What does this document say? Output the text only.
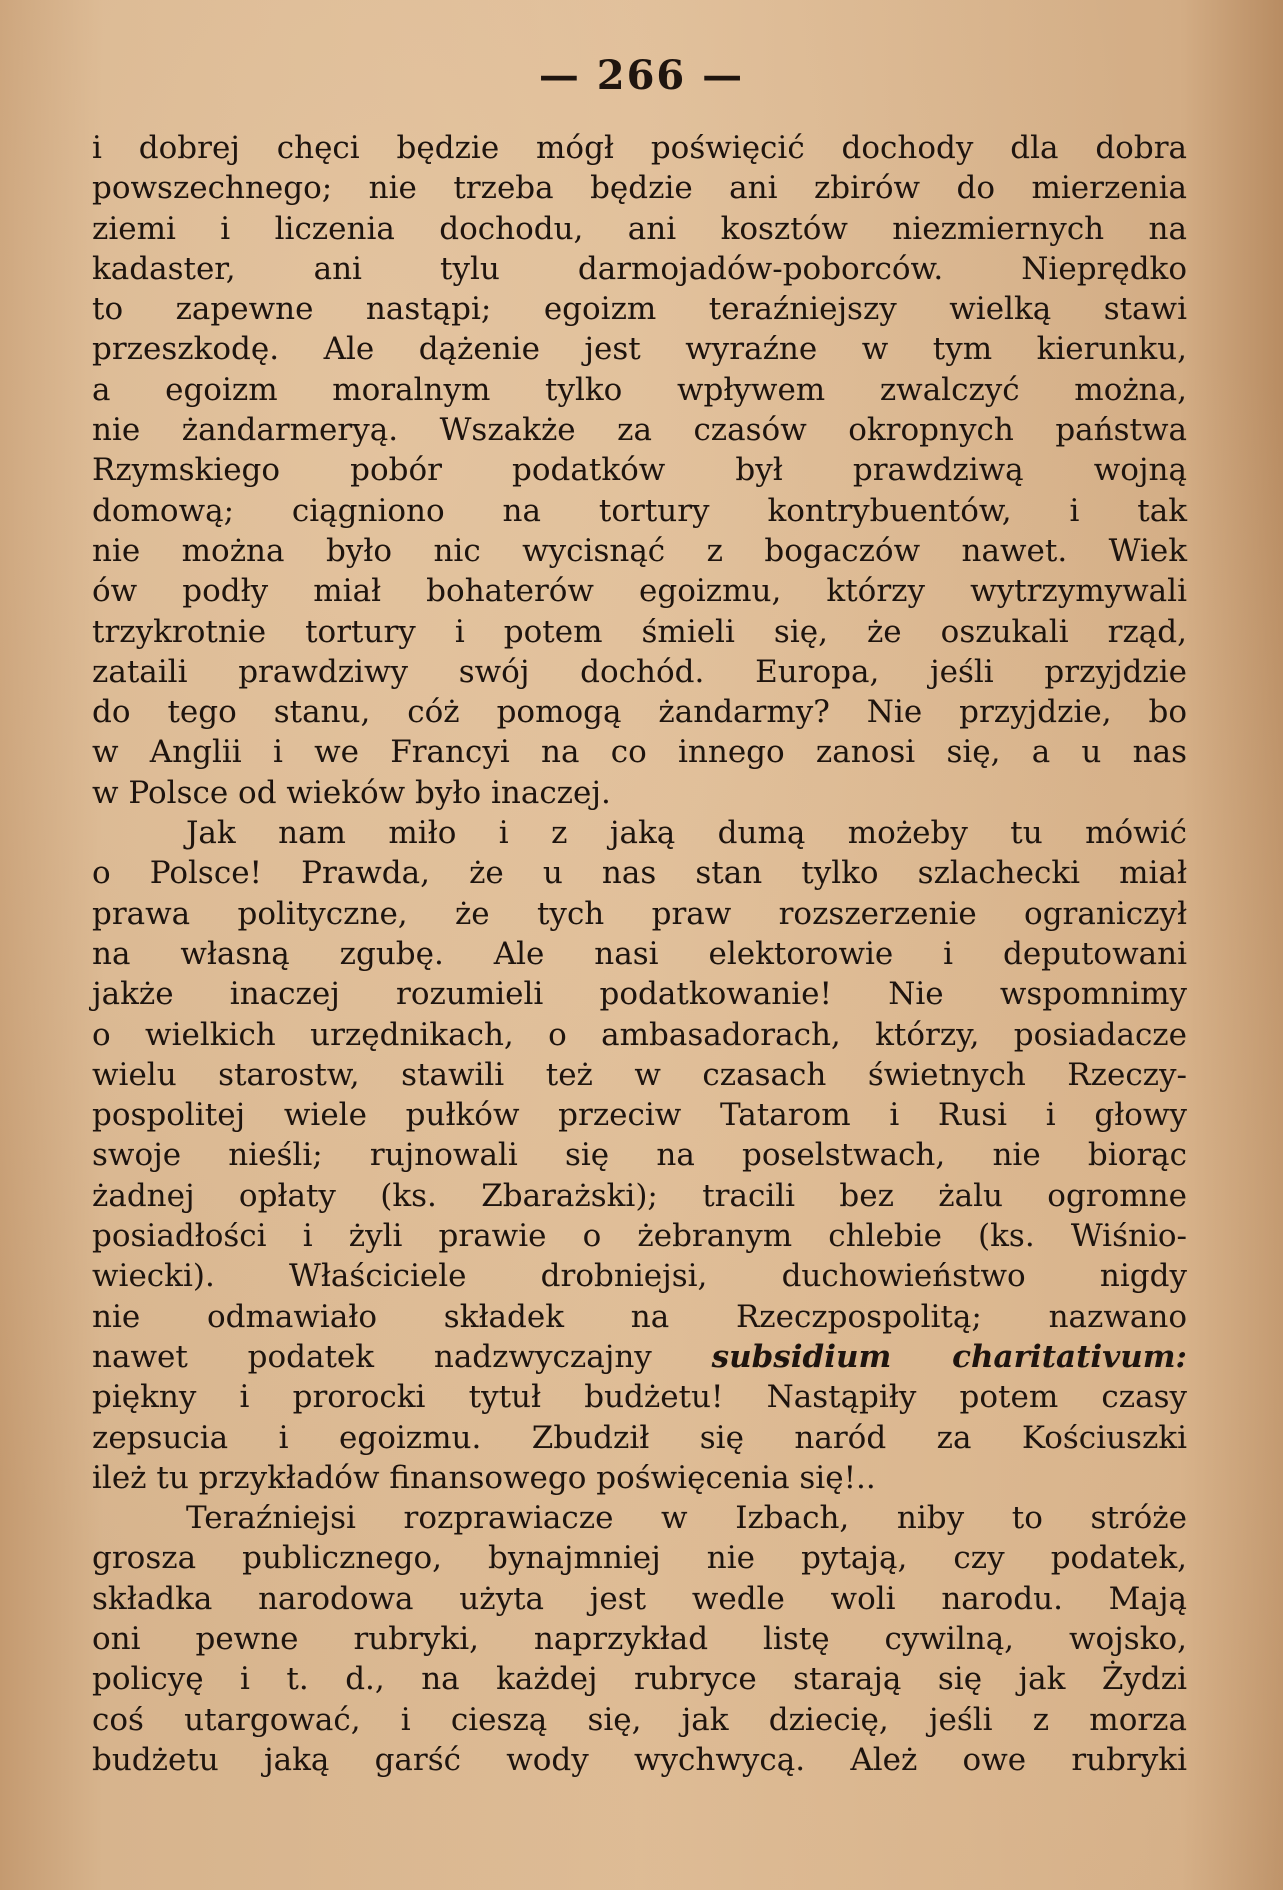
— 266 —
i dobrej chęci będzie mógł poświęcić dochody dla dobra
powszechnego; nie trzeba będzie ani zbirów do mierzenia
ziemi i liczenia dochodu, ani kosztów niezmiernych na
kadaster, ani tylu darmojadów-poborców. Nieprędko
to zapewne nastąpi; egoizm teraźniejszy wielką stawi
przeszkodę. Ale dążenie jest wyraźne w tym kierunku,
a egoizm moralnym tylko wpływem zwalczyć można,
nie żandarmeryą. Wszakże za czasów okropnych państwa
Rzymskiego pobór podatków był prawdziwą wojną
domową; ciągniono na tortury kontrybuentów, i tak
nie można było nic wycisnąć z bogaczów nawet. Wiek
ów podły miał bohaterów egoizmu, którzy wytrzymywali
trzykrotnie tortury i potem śmieli się, że oszukali rząd,
zataili prawdziwy swój dochód. Europa, jeśli przyjdzie
do tego stanu, cóż pomogą żandarmy? Nie przyjdzie, bo
w Anglii i we Francyi na co innego zanosi się, a u nas
w Polsce od wieków było inaczej.
Jak nam miło i z jaką dumą możeby tu mówić
o Polsce! Prawda, że u nas stan tylko szlachecki miał
prawa polityczne, że tych praw rozszerzenie ograniczył
na własną zgubę. Ale nasi elektorowie i deputowani
jakże inaczej rozumieli podatkowanie! Nie wspomnimy
o wielkich urzędnikach, o ambasadorach, którzy, posiadacze
wielu starostw, stawili też w czasach świetnych Rzeczy-
pospolitej wiele pułków przeciw Tatarom i Rusi i głowy
swoje nieśli; rujnowali się na poselstwach, nie biorąc
żadnej opłaty (ks. Zbarażski); tracili bez żalu ogromne
posiadłości i żyli prawie o żebranym chlebie (ks. Wiśnio-
wiecki). Właściciele drobniejsi, duchowieństwo nigdy
nie odmawiało składek na Rzeczpospolitą; nazwano
nawet podatek nadzwyczajny subsidium charitativum:
piękny i prorocki tytuł budżetu! Nastąpiły potem czasy
zepsucia i egoizmu. Zbudził się naród za Kościuszki
ileż tu przykładów finansowego poświęcenia się!..
Teraźniejsi rozprawiacze w Izbach, niby to stróże
grosza publicznego, bynajmniej nie pytają, czy podatek,
składka narodowa użyta jest wedle woli narodu. Mają
oni pewne rubryki, naprzykład listę cywilną, wojsko,
policyę i t. d., na każdej rubryce starają się jak Żydzi
coś utargować, i cieszą się, jak dziecię, jeśli z morza
budżetu jaką garść wody wychwycą. Ależ owe rubryki
